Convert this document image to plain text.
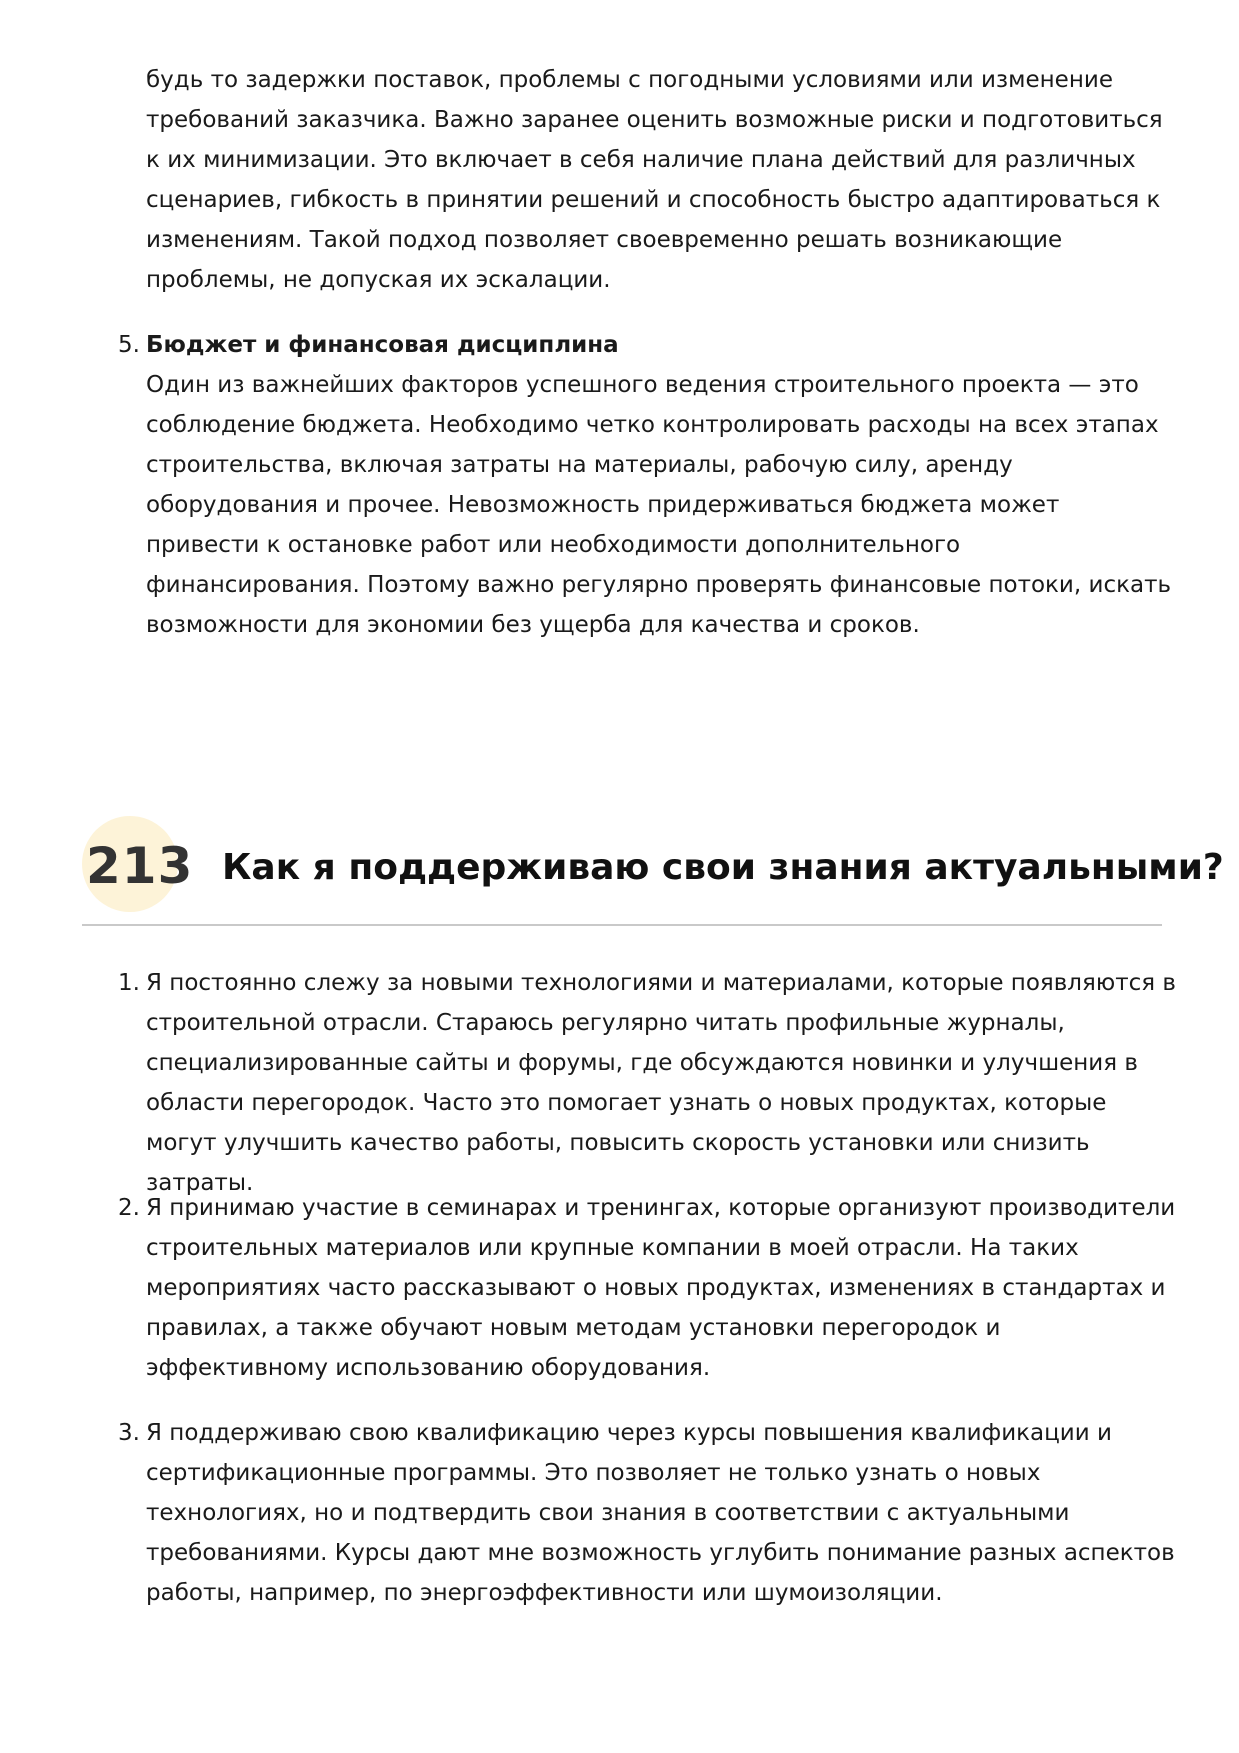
будь то задержки поставок, проблемы с погодными условиями или изменение требований заказчика. Важно заранее оценить возможные риски и подготовиться к их минимизации. Это включает в себя наличие плана действий для различных сценариев, гибкость в принятии решений и способность быстро адаптироваться к изменениям. Такой подход позволяет своевременно решать возникающие проблемы, не допуская их эскалации.

5. Бюджет и финансовая дисциплина
Один из важнейших факторов успешного ведения строительного проекта — это соблюдение бюджета. Необходимо четко контролировать расходы на всех этапах строительства, включая затраты на материалы, рабочую силу, аренду оборудования и прочее. Невозможность придерживаться бюджета может привести к остановке работ или необходимости дополнительного финансирования. Поэтому важно регулярно проверять финансовые потоки, искать возможности для экономии без ущерба для качества и сроков.
213 Как я поддерживаю свои знания актуальными?
1. Я постоянно слежу за новыми технологиями и материалами, которые появляются в строительной отрасли. Стараюсь регулярно читать профильные журналы, специализированные сайты и форумы, где обсуждаются новинки и улучшения в области перегородок. Часто это помогает узнать о новых продуктах, которые могут улучшить качество работы, повысить скорость установки или снизить затраты.

2. Я принимаю участие в семинарах и тренингах, которые организуют производители строительных материалов или крупные компании в моей отрасли. На таких мероприятиях часто рассказывают о новых продуктах, изменениях в стандартах и правилах, а также обучают новым методам установки перегородок и эффективному использованию оборудования.

3. Я поддерживаю свою квалификацию через курсы повышения квалификации и сертификационные программы. Это позволяет не только узнать о новых технологиях, но и подтвердить свои знания в соответствии с актуальными требованиями. Курсы дают мне возможность углубить понимание разных аспектов работы, например, по энергоэффективности или шумоизоляции.
